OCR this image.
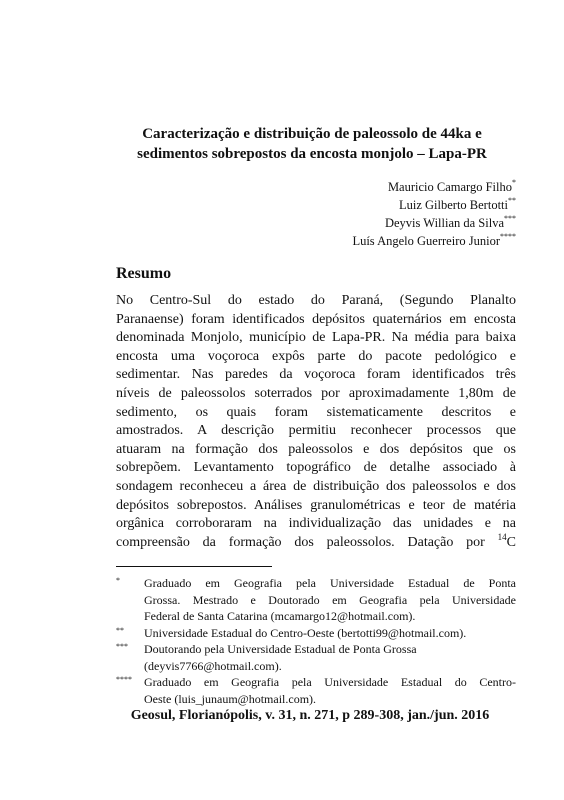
Caracterização e distribuição de paleossolo de 44ka e
sedimentos sobrepostos da encosta monjolo – Lapa-PR
Mauricio Camargo Filho*
Luiz Gilberto Bertotti**
Deyvis Willian da Silva***
Luís Angelo Guerreiro Junior****
Resumo
No Centro-Sul do estado do Paraná, (Segundo Planalto
Paranaense) foram identificados depósitos quaternários em encosta
denominada Monjolo, município de Lapa-PR. Na média para baixa
encosta uma voçoroca expôs parte do pacote pedológico e
sedimentar. Nas paredes da voçoroca foram identificados três
níveis de paleossolos soterrados por aproximadamente 1,80m de
sedimento, os quais foram sistematicamente descritos e
amostrados. A descrição permitiu reconhecer processos que
atuaram na formação dos paleossolos e dos depósitos que os
sobrepõem. Levantamento topográfico de detalhe associado à
sondagem reconheceu a área de distribuição dos paleossolos e dos
depósitos sobrepostos. Análises granulométricas e teor de matéria
orgânica corroboraram na individualização das unidades e na
compreensão da formação dos paleossolos. Datação por $^{14}$C
*	Graduado em Geografia pela Universidade Estadual de Ponta
Grossa. Mestrado e Doutorado em Geografia pela Universidade
Federal de Santa Catarina (mcamargo12@hotmail.com).
**	Universidade Estadual do Centro-Oeste (bertotti99@hotmail.com).
***	Doutorando pela Universidade Estadual de Ponta Grossa
(deyvis7766@hotmail.com).
****	Graduado em Geografia pela Universidade Estadual do Centro-
Oeste (luis_junaum@hotmail.com).
Geosul, Florianópolis, v. 31, n. 271, p 289-308, jan./jun. 2016
